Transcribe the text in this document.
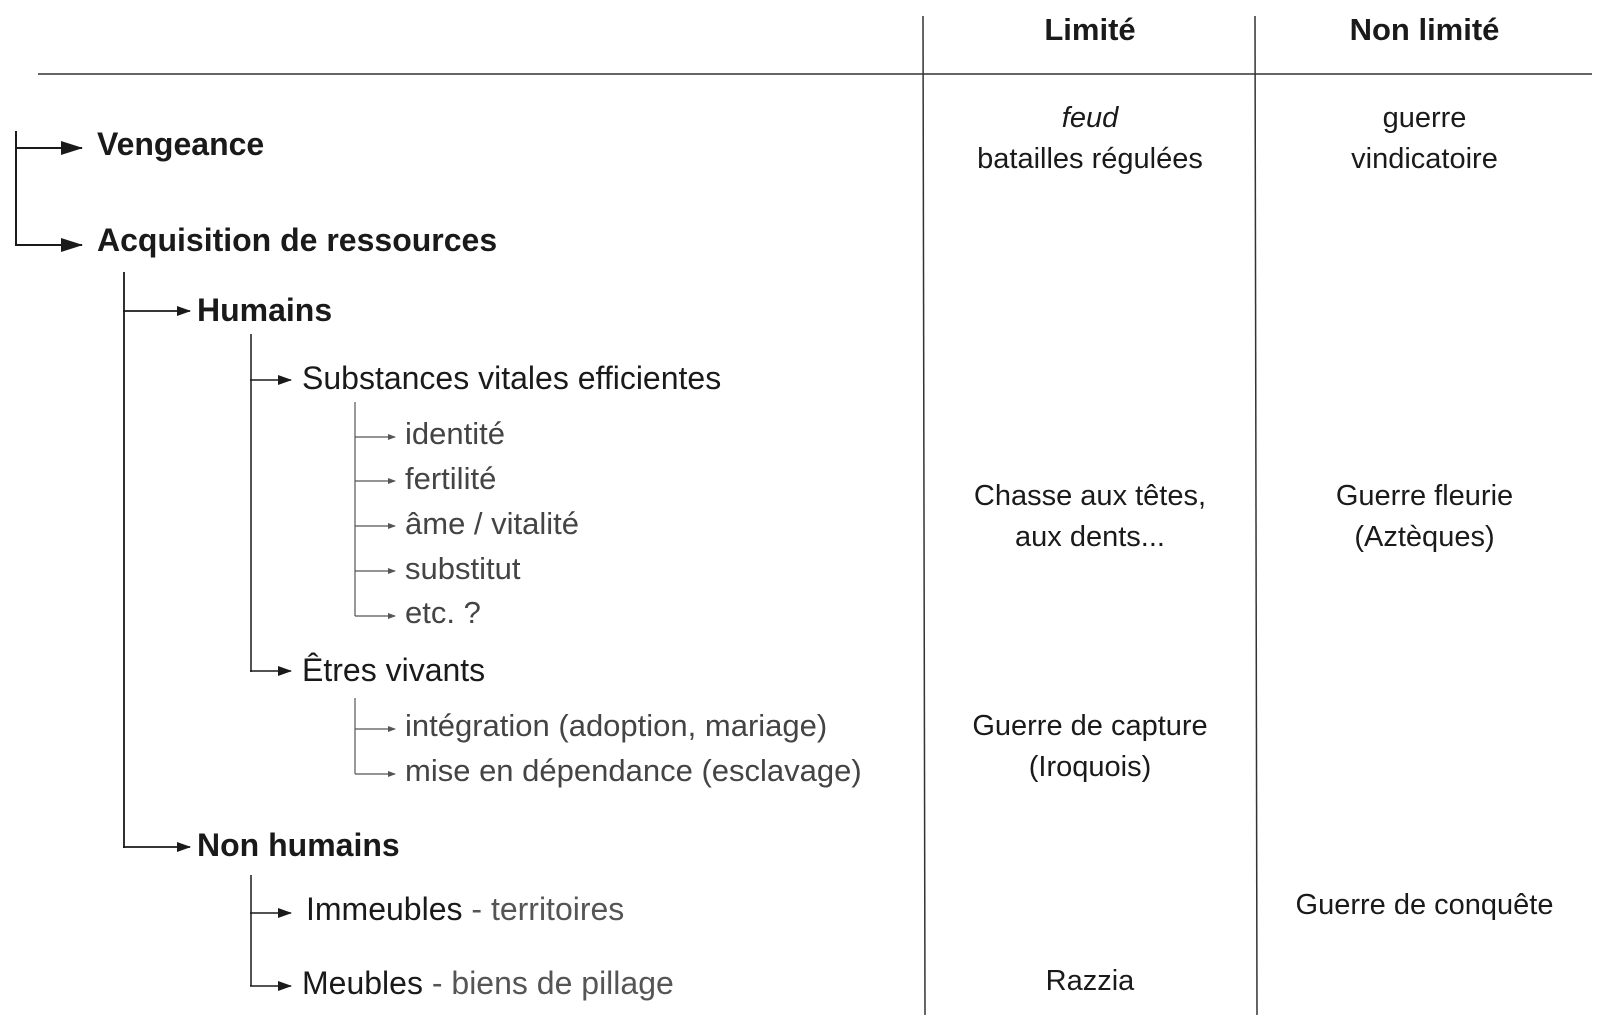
Limité	Non limité
Vengeance
Acquisition de ressources
Humains
Substances vitales efficientes
identité
fertilité
âme / vitalité
substitut
etc. ?
Êtres vivants
intégration (adoption, mariage)
mise en dépendance (esclavage)
Non humains
Immeubles - territoires
Meubles - biens de pillage
feud
batailles régulées
guerre
vindicatoire
Chasse aux têtes,
aux dents...
Guerre fleurie
(Aztèques)
Guerre de capture
(Iroquois)
Guerre de conquête
Razzia
